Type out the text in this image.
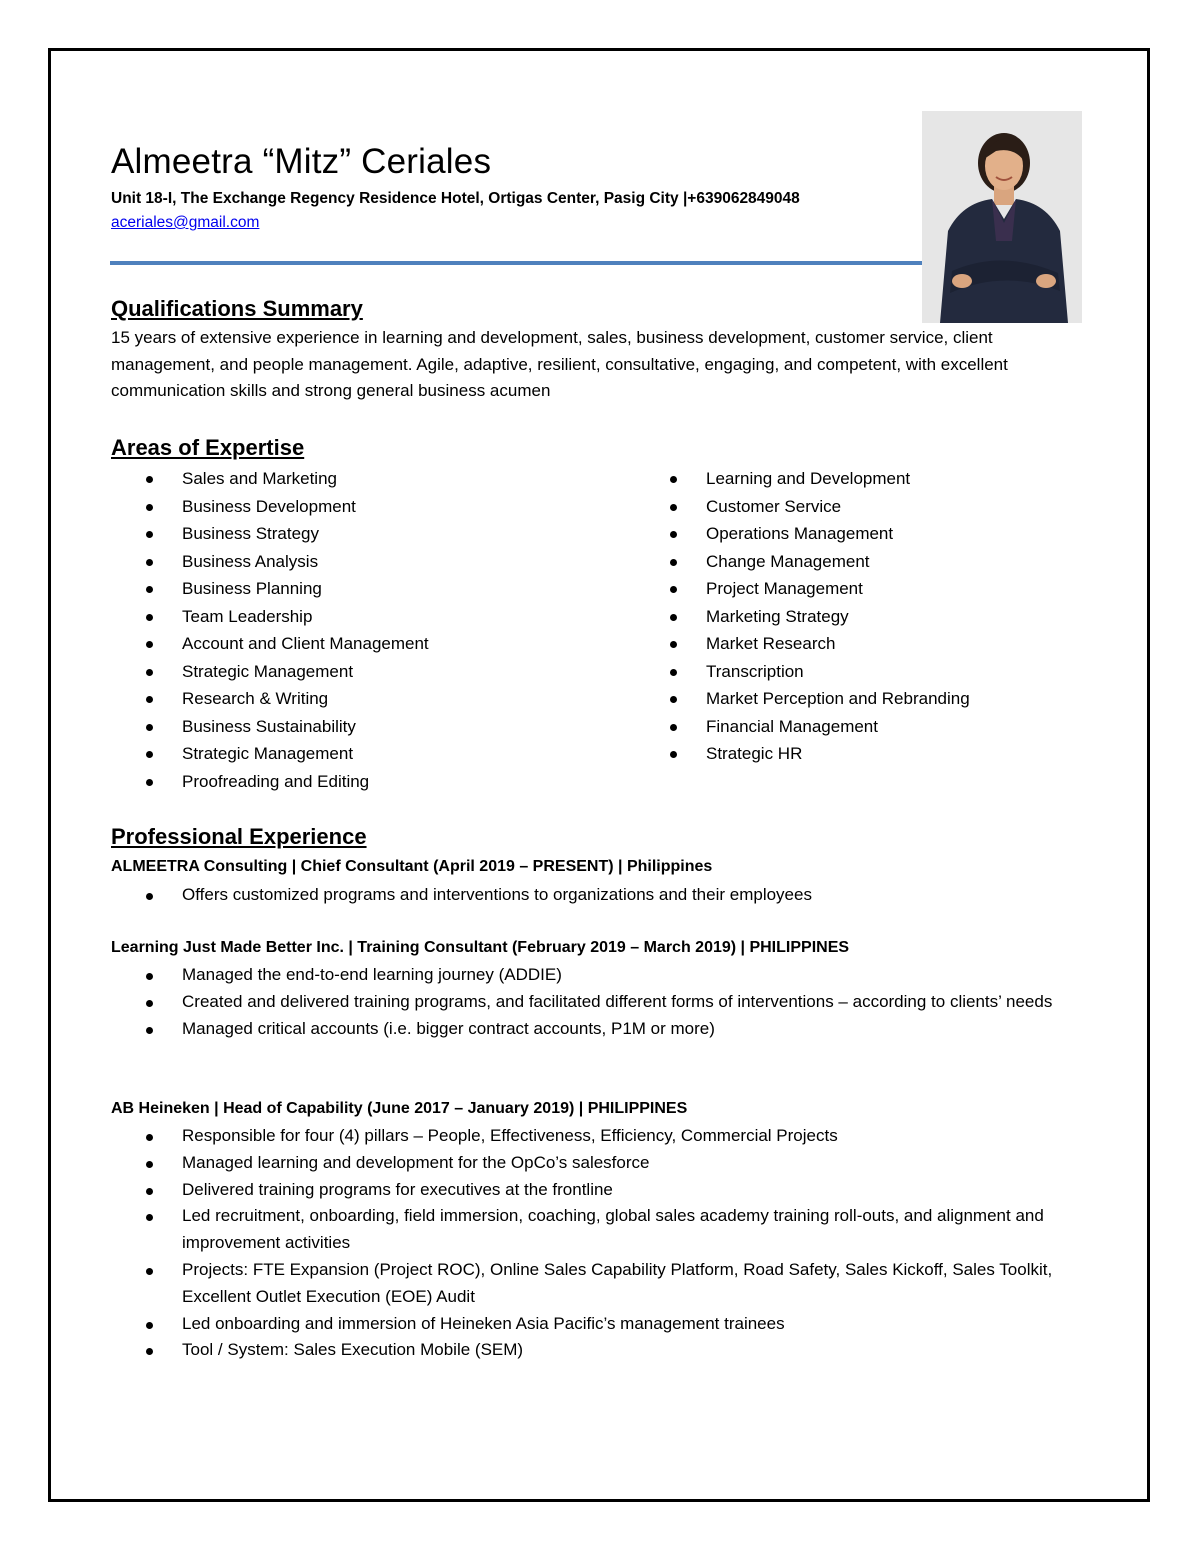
Almeetra “Mitz” Ceriales
Unit 18-I, The Exchange Regency Residence Hotel, Ortigas Center, Pasig City |+639062849048
aceriales@gmail.com
Qualifications Summary

15 years of extensive experience in learning and development, sales, business development, customer service, client management, and people management. Agile, adaptive, resilient, consultative, engaging, and competent, with excellent communication skills and strong general business acumen

Areas of Expertise
Sales and Marketing
Business Development
Business Strategy
Business Analysis
Business Planning
Team Leadership
Account and Client Management
Strategic Management
Research & Writing
Business Sustainability
Strategic Management
Proofreading and Editing
Learning and Development
Customer Service
Operations Management
Change Management
Project Management
Marketing Strategy
Market Research
Transcription
Market Perception and Rebranding
Financial Management
Strategic HR
Professional Experience
ALMEETRA Consulting | Chief Consultant (April 2019 – PRESENT) | Philippines
Offers customized programs and interventions to organizations and their employees
Learning Just Made Better Inc. | Training Consultant (February 2019 – March 2019) | PHILIPPINES
Managed the end-to-end learning journey (ADDIE)
Created and delivered training programs, and facilitated different forms of interventions – according to clients’ needs
Managed critical accounts (i.e. bigger contract accounts, P1M or more)
AB Heineken | Head of Capability (June 2017 – January 2019) | PHILIPPINES
Responsible for four (4) pillars – People, Effectiveness, Efficiency, Commercial Projects
Managed learning and development for the OpCo’s salesforce
Delivered training programs for executives at the frontline
Led recruitment, onboarding, field immersion, coaching, global sales academy training roll-outs, and alignment and improvement activities
Projects: FTE Expansion (Project ROC), Online Sales Capability Platform, Road Safety, Sales Kickoff, Sales Toolkit, Excellent Outlet Execution (EOE) Audit
Led onboarding and immersion of Heineken Asia Pacific’s management trainees
Tool / System: Sales Execution Mobile (SEM)
